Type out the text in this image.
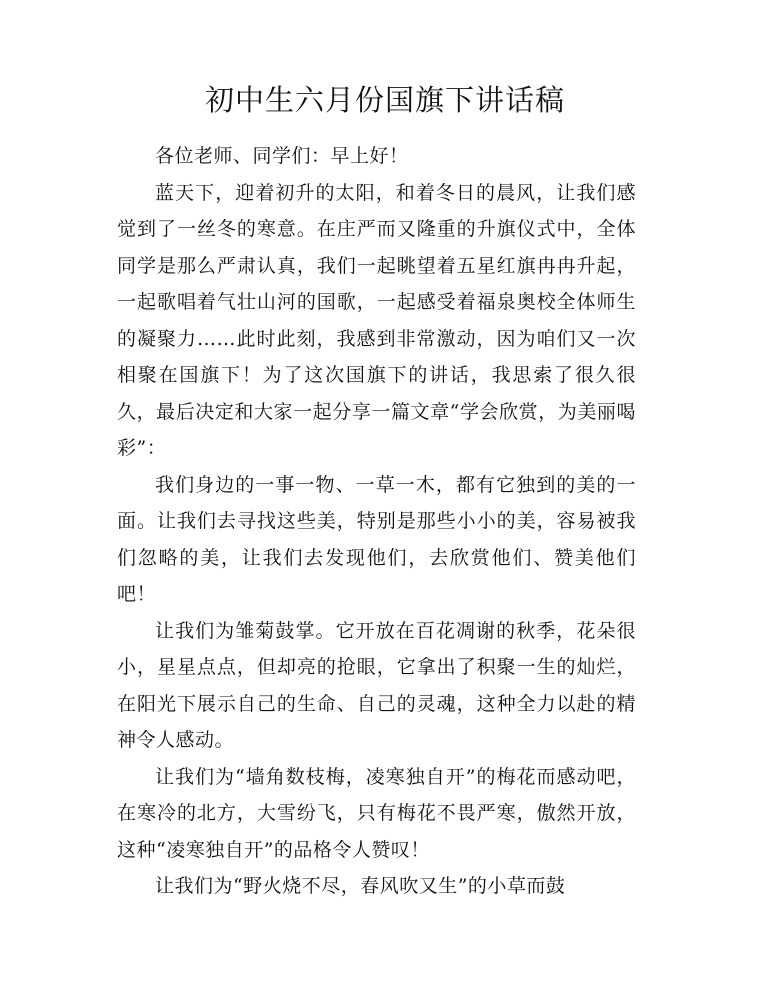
初中生六月份国旗下讲话稿

各位老师、同学们：早上好！

蓝天下，迎着初升的太阳，和着冬日的晨风，让我们感觉到了一丝冬的寒意。在庄严而又隆重的升旗仪式中，全体同学是那么严肃认真，我们一起眺望着五星红旗冉冉升起，一起歌唱着气壮山河的国歌，一起感受着福泉奥校全体师生的凝聚力……此时此刻，我感到非常激动，因为咱们又一次相聚在国旗下！为了这次国旗下的讲话，我思索了很久很久，最后决定和大家一起分享一篇文章“学会欣赏，为美丽喝彩”：

我们身边的一事一物、一草一木，都有它独到的美的一面。让我们去寻找这些美，特别是那些小小的美，容易被我们忽略的美，让我们去发现他们，去欣赏他们、赞美他们吧！

让我们为雏菊鼓掌。它开放在百花凋谢的秋季，花朵很小，星星点点，但却亮的抢眼，它拿出了积聚一生的灿烂，在阳光下展示自己的生命、自己的灵魂，这种全力以赴的精神令人感动。

让我们为“墙角数枝梅，凌寒独自开”的梅花而感动吧，在寒冷的北方，大雪纷飞，只有梅花不畏严寒，傲然开放，这种“凌寒独自开”的品格令人赞叹！

让我们为“野火烧不尽，春风吹又生”的小草而鼓
